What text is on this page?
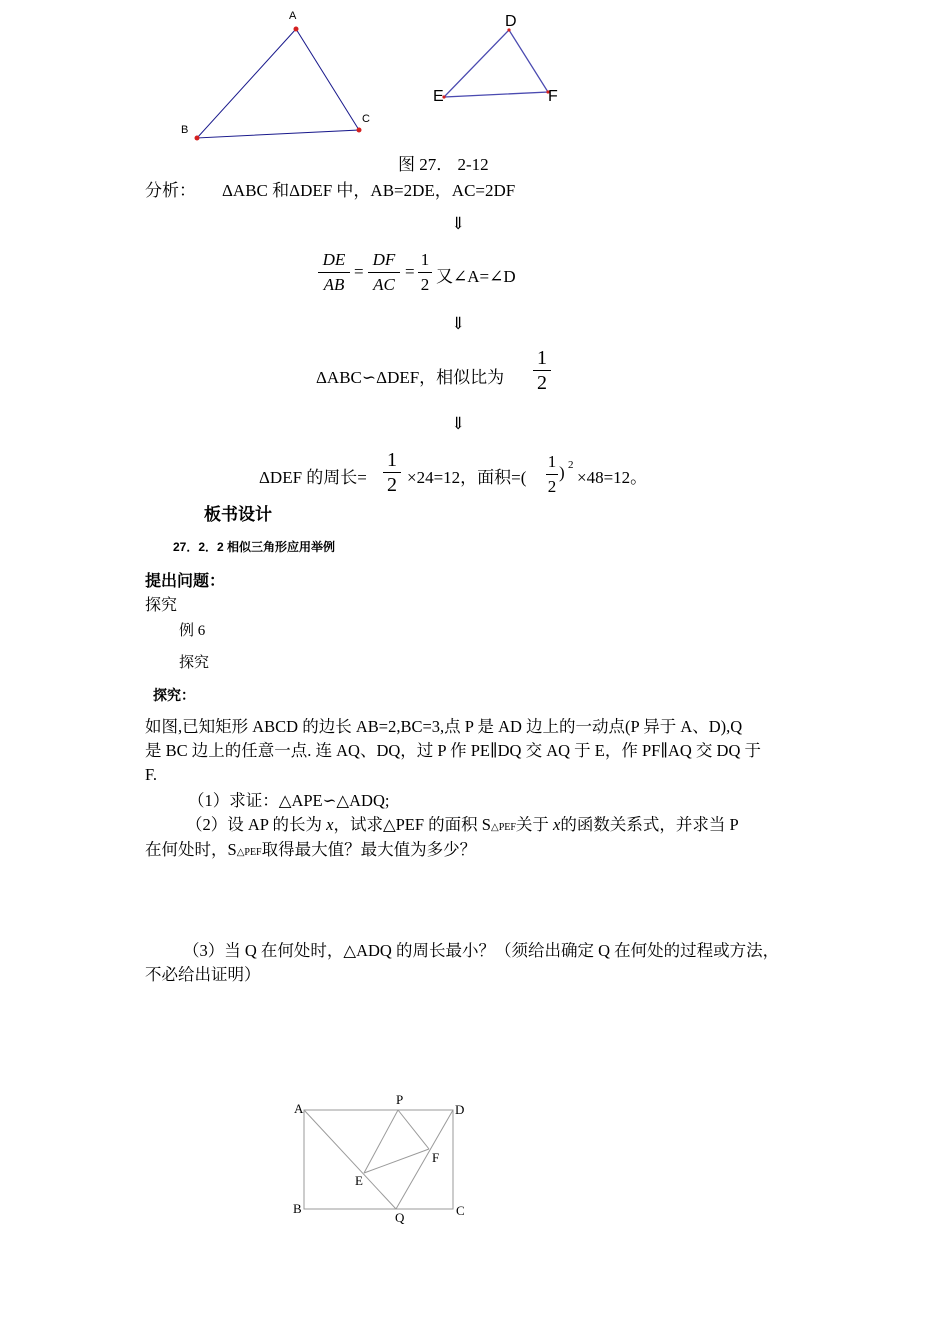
A
B
C
D
E	F
图 27． 2-12
分析： ΔABC 和ΔDEF 中，AB=2DE，AC=2DF
⇓
DE
AB
=
DF
AC
=
1
2 又∠A=∠D
⇓
ΔABC∽ΔDEF，相似比为
1
2
⇓
ΔDEF 的周长=
1
2 ×24=12，面积=(
1
2
) 2
×48=12。
板书设计
27．2．2 相似三角形应用举例
提出问题：
探究
例 6
探究
探究：
如图,已知矩形 ABCD 的边长 AB=2,BC=3,点 P 是 AD 边上的一动点(P 异于 A、D),Q
是 BC 边上的任意一点. 连 AQ、DQ，过 P 作 PE∥DQ 交 AQ 于 E，作 PF∥AQ 交 DQ 于
F.
（1）求证：△APE∽△ADQ;
（2）设 AP 的长为 x，试求△PEF 的面积 S△PEF关于 x的函数关系式，并求当 P
在何处时，S△PEF取得最大值？最大值为多少？
（3）当 Q 在何处时，△ADQ 的周长最小？（须给出确定 Q 在何处的过程或方法，
不必给出证明）
A
P
D
F
E
B
Q	C
